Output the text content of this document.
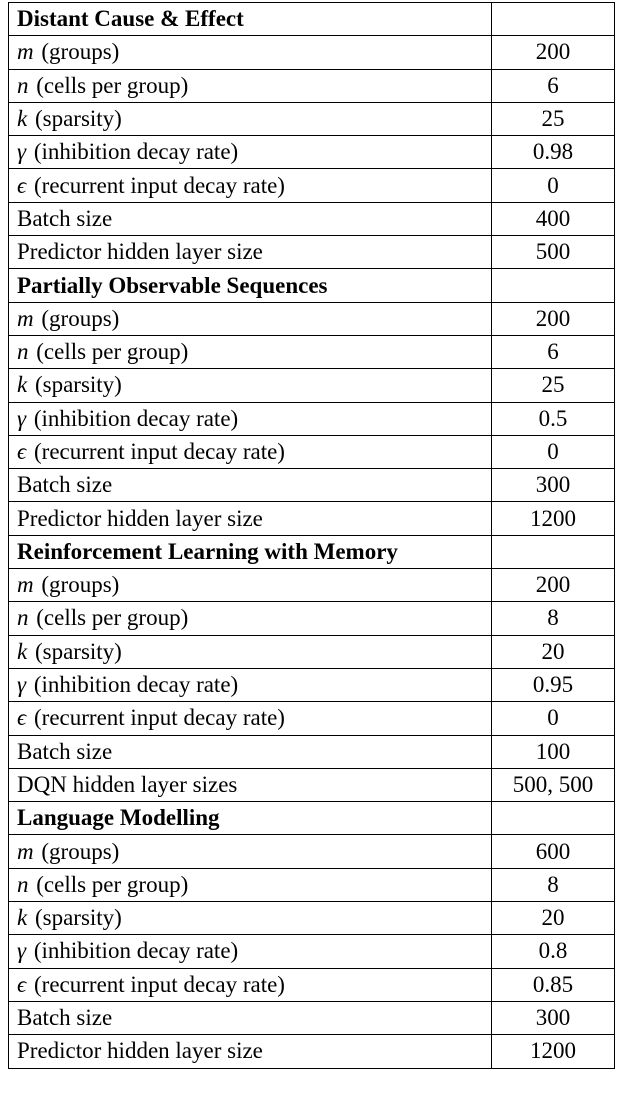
Distant Cause & Effect	
m (groups)	200
n (cells per group)	6
k (sparsity)	25
γ (inhibition decay rate)	0.98
ϵ (recurrent input decay rate)	0
Batch size	400
Predictor hidden layer size	500
Partially Observable Sequences	
m (groups)	200
n (cells per group)	6
k (sparsity)	25
γ (inhibition decay rate)	0.5
ϵ (recurrent input decay rate)	0
Batch size	300
Predictor hidden layer size	1200
Reinforcement Learning with Memory	
m (groups)	200
n (cells per group)	8
k (sparsity)	20
γ (inhibition decay rate)	0.95
ϵ (recurrent input decay rate)	0
Batch size	100
DQN hidden layer sizes	500, 500
Language Modelling	
m (groups)	600
n (cells per group)	8
k (sparsity)	20
γ (inhibition decay rate)	0.8
ϵ (recurrent input decay rate)	0.85
Batch size	300
Predictor hidden layer size	1200
